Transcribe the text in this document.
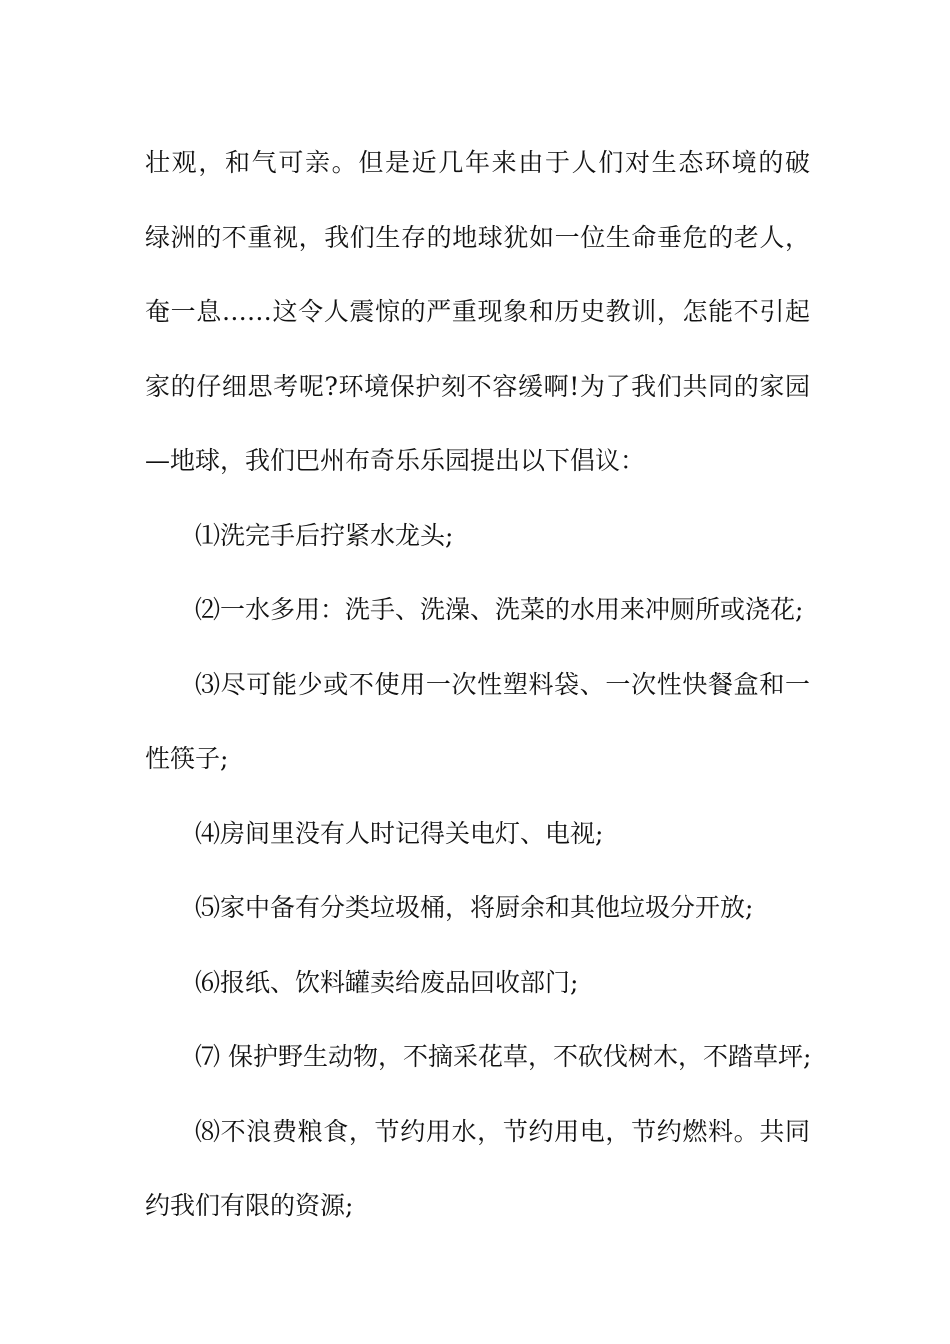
壮观，和气可亲。但是近几年来由于人们对生态环境的破
绿洲的不重视，我们生存的地球犹如一位生命垂危的老人，
奄一息……这令人震惊的严重现象和历史教训，怎能不引起
家的仔细思考呢?环境保护刻不容缓啊!为了我们共同的家园
—地球，我们巴州布奇乐乐园提出以下倡议：
⑴洗完手后拧紧水龙头;
⑵一水多用：洗手、洗澡、洗菜的水用来冲厕所或浇花;
⑶尽可能少或不使用一次性塑料袋、一次性快餐盒和一
性筷子;
⑷房间里没有人时记得关电灯、电视;
⑸家中备有分类垃圾桶，将厨余和其他垃圾分开放;
⑹报纸、饮料罐卖给废品回收部门;
⑺ 保护野生动物，不摘采花草，不砍伐树木，不踏草坪;
⑻不浪费粮食，节约用水，节约用电，节约燃料。共同
约我们有限的资源;
